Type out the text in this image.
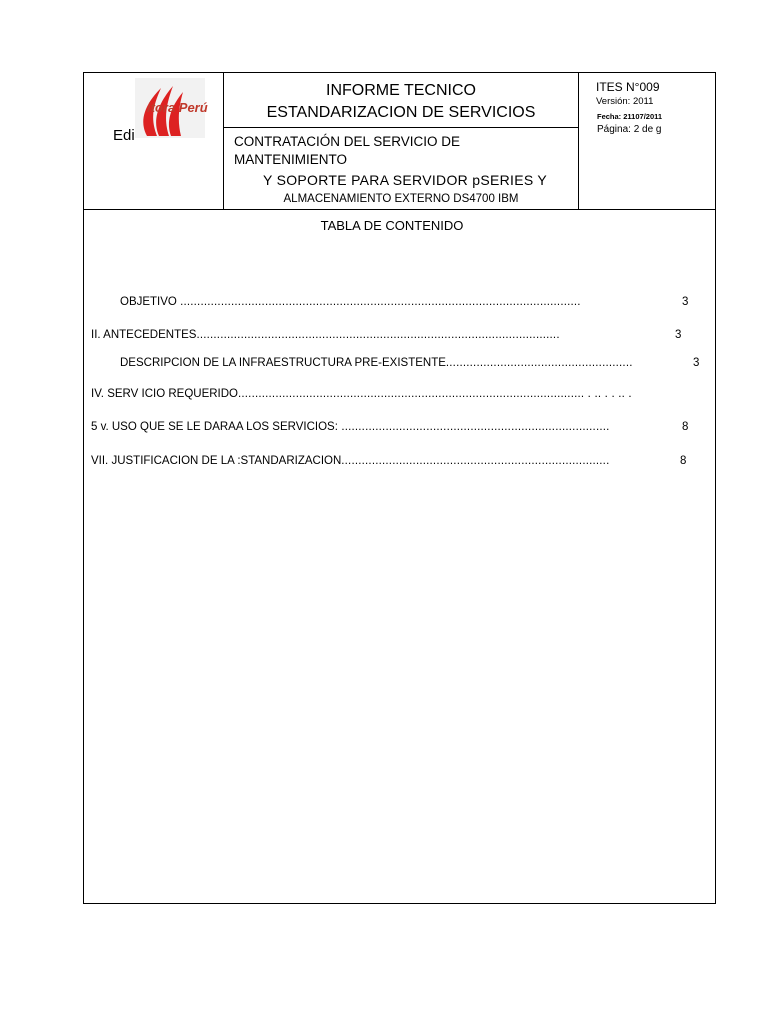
itora Perú
Edi
INFORME TECNICO
ESTANDARIZACION DE SERVICIOS
CONTRATACIÓN DEL SERVICIO DE
MANTENIMIENTO
Y SOPORTE PARA SERVIDOR pSERIES Y
ALMACENAMIENTO EXTERNO DS4700 IBM
ITES N°009
Versión: 2011
Fecha: 21107/2011
Página: 2 de g
TABLA DE CONTENIDO
OBJETIVO ......................................................................................................................	3
II. ANTECEDENTES...........................................................................................................	3
DESCRIPCION DE LA INFRAESTRUCTURA PRE-EXISTENTE.......................................................	3
IV. SERV ICIO REQUERIDO...................................................................................................... . .. . . .. .
5 v. USO QUE SE LE DARAA LOS SERVICIOS: ...............................................................................	8
VII. JUSTIFICACION DE LA :STANDARIZACION...............................................................................	8
